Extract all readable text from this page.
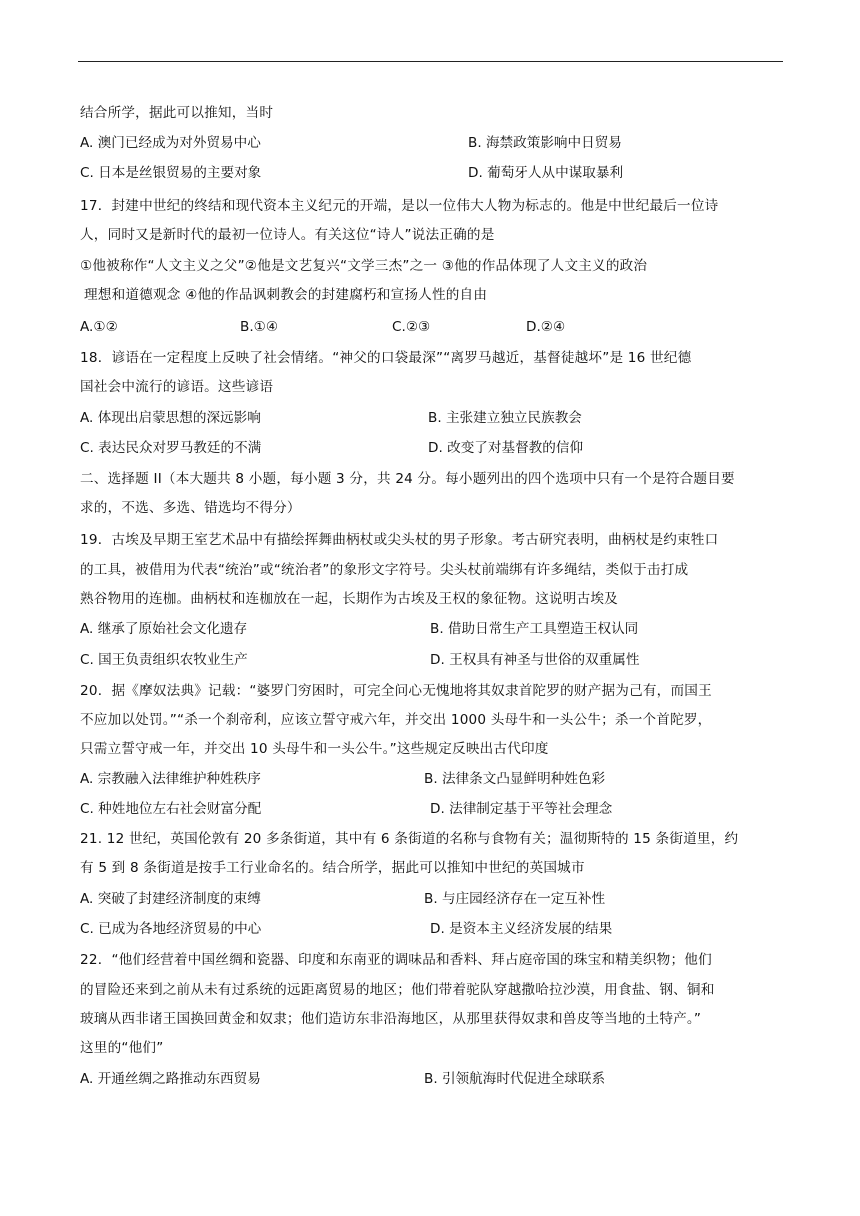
结合所学，据此可以推知，当时
A. 澳门已经成为对外贸易中心	B. 海禁政策影响中日贸易
C. 日本是丝银贸易的主要对象	D. 葡萄牙人从中谋取暴利
17．封建中世纪的终结和现代资本主义纪元的开端，是以一位伟大人物为标志的。他是中世纪最后一位诗
人，同时又是新时代的最初一位诗人。有关这位“诗人”说法正确的是
①他被称作“人文主义之父”②他是文艺复兴“文学三杰”之一 ③他的作品体现了人文主义的政治
理想和道德观念 ④他的作品讽刺教会的封建腐朽和宣扬人性的自由
A.①②	B.①④	C.②③	D.②④
18．谚语在一定程度上反映了社会情绪。“神父的口袋最深”“离罗马越近，基督徒越坏”是 16 世纪德
国社会中流行的谚语。这些谚语
A. 体现出启蒙思想的深远影响	B. 主张建立独立民族教会
C. 表达民众对罗马教廷的不满	D. 改变了对基督教的信仰
二、选择题 II（本大题共 8 小题，每小题 3 分，共 24 分。每小题列出的四个选项中只有一个是符合题目要
求的，不选、多选、错选均不得分）
19．古埃及早期王室艺术品中有描绘挥舞曲柄杖或尖头杖的男子形象。考古研究表明，曲柄杖是约束牲口
的工具，被借用为代表“统治”或“统治者”的象形文字符号。尖头杖前端绑有许多绳结，类似于击打成
熟谷物用的连枷。曲柄杖和连枷放在一起，长期作为古埃及王权的象征物。这说明古埃及
A. 继承了原始社会文化遗存	B. 借助日常生产工具塑造王权认同
C. 国王负责组织农牧业生产	D. 王权具有神圣与世俗的双重属性
20．据《摩奴法典》记载：“婆罗门穷困时，可完全问心无愧地将其奴隶首陀罗的财产据为己有，而国王
不应加以处罚。”“杀一个刹帝利，应该立誓守戒六年，并交出 1000 头母牛和一头公牛；杀一个首陀罗，
只需立誓守戒一年，并交出 10 头母牛和一头公牛。”这些规定反映出古代印度
A. 宗教融入法律维护种姓秩序	B. 法律条文凸显鲜明种姓色彩
C. 种姓地位左右社会财富分配	D. 法律制定基于平等社会理念
21. 12 世纪，英国伦敦有 20 多条街道，其中有 6 条街道的名称与食物有关；温彻斯特的 15 条街道里，约
有 5 到 8 条街道是按手工行业命名的。结合所学，据此可以推知中世纪的英国城市
A. 突破了封建经济制度的束缚	B. 与庄园经济存在一定互补性
C. 已成为各地经济贸易的中心	D. 是资本主义经济发展的结果
22．“他们经营着中国丝绸和瓷器、印度和东南亚的调味品和香料、拜占庭帝国的珠宝和精美织物；他们
的冒险还来到之前从未有过系统的远距离贸易的地区；他们带着驼队穿越撒哈拉沙漠，用食盐、钢、铜和
玻璃从西非诸王国换回黄金和奴隶；他们造访东非沿海地区，从那里获得奴隶和兽皮等当地的土特产。”
这里的“他们”
A. 开通丝绸之路推动东西贸易	B. 引领航海时代促进全球联系
